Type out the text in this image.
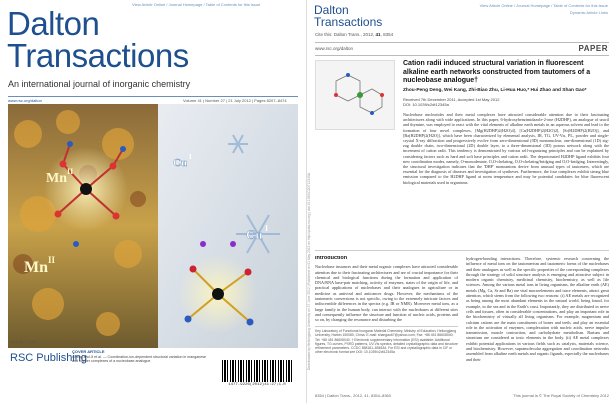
View Article Online / Journal Homepage / Table of Contents for this issue
Dalton
Transactions
An international journal of inorganic chemistry
www.rsc.org/dalton	Volume 41 | Number 27 | 21 July 2012 | Pages 8207–8474
Mn II
Mn II
Cu I
Cu I
ISSN 1477-9226
RSC Publishing
COVER ARTICLE
Cheng and Ji et al. — Coordination-ion-dependent structural variation in manganese and copper complexes of a nucleobase analogue
1477-9226(2012)41:27;1-R
Downloaded by Heilongjiang University on 27 June 2012 | Published on 01 May 2012 on http://pubs.rsc.org | doi:10.1039/C2DT12345A
Dalton
Transactions
View Article Online / Journal Homepage / Table of Contents for this issue
Dynamic Article Links
Cite this: Dalton Trans., 2012, 41, 8354
www.rsc.org/dalton	PAPER
Cation radii induced structural variation in fluorescent alkaline earth networks constructed from tautomers of a nucleobase analogue†
Zhou-Peng Deng, Wei Kang, Zhi-Biao Zhu, Li-Hua Huo,* Hui Zhao and Shan Gao*
Received 7th December 2011, Accepted 1st May 2012
DOI: 10.1039/c2dt12345a
Nucleobase nucleotides and their metal complexes have attracted considerable attention due to their fascinating architectures along with wide applications. In this paper, 6-hydroxybenzimidazole-2-one (H2DHP), an analogue of uracil and thymine, was employed to react with the vital elements of alkaline earth metals in an aqueous solvent and lead to the formation of four novel complexes, [Mg(H2DHP)2(H2O)4], [Ca(H2DHP)2(H2O)2], [Sr(H2DHP)2(H2O)], and [Ba(H2DHP)2(H2O)], which have been characterized by elemental analysis, IR, TG, UV-Vis, PL, powder and single-crystal X-ray diffraction and progressively evolve from zero-dimensional (0D) mononuclear, one-dimensional (1D) zig-zag double chain, two-dimensional (2D) double layer, to a three-dimensional (3D) porous network along with the increment of cation radii. This tendency is demonstrated by various self-organizing principles and can be explained by considering factors such as hard and soft base principles and cation radii. The deprotonated H2DHP ligand exhibits four new coordination modes, namely, O-monodentate, O,O-chelating, O,O-chelating/bridging and O,O-bridging. Interestingly, the structural investigation indicates that the 'DHP' monoanions derive from unusual types of tautomers, which are essential for the diagnosis of diseases and investigation of syntheses. Furthermore, the four complexes exhibit strong blue emission compared to the H2DHP ligand at room temperature and may be potential candidates for blue fluorescent biological materials used in organisms.
Introduction
Nucleobase instances and their metal organic complexes have attracted considerable attention due to their fascinating architectures and are of crucial importance for their chemical and biological functions during the formation and application of DNA/RNA base-pair matching, activity of enzymes, states of the origin of life, and practical applications of nucleobases and their analogues in agriculture or in medicine as antiviral and anticancer drugs. However, the mechanisms of the tautomeric conversions is not specific, owing to the extremely intricate factors and indiscernible differences in the spectra (e.g. IR or NMR). Moreover metal ions, as a large family in the human body, can interact with the nucleobases at different sites and consequently influence the structure and function of nucleic acids, proteins and so on, by changing the resonance and disturbing the
Key Laboratory of Functional Inorganic Material Chemistry, Ministry of Education, Heilongjiang University, Harbin 150080, China. E-mail: shangao67@yahoo.com; Fax: +86 451 86608040; Tel: +86 451 86608040. † Electronic supplementary information (ESI) available: Additional figures, TG curves, PXRD patterns, UV-Vis spectra, detailed crystallographic data and structure refinement parameters. CCDC 858181–858184. For ESI and crystallographic data in CIF or other electronic format see DOI: 10.1039/c2dt12345a
hydrogen-bonding interactions. Therefore, systemic research concerning the influence of metal ions on the tautomerism and tautomeric forms of the nucleobases and their analogues as well as the specific properties of the corresponding complexes through the strategy of solid structure analysis is emerging and attractive subject in modern organic chemistry, medicinal chemistry, biochemistry, as well as life sciences. Among the various metal ions in living organisms, the alkaline earth (AE) metals (Mg, Ca, Sr and Ba) are vital macroelements and trace elements, attract great attention, which stems from the following two reasons: (i) AE metals are recognized as being among the most abundant elements in the natural world, being found, for example, in the sea and in the Earth's crust. Importantly, they are distributed in nerve cells and tissues, often in considerable concentrations, and play an important role in the biochemistry of virtually all living organisms. For example, magnesium and calcium cations are the main constituents of bones and teeth, and play an essential role in the activation of enzymes, complexation with nucleic acids, nerve impulse transmission, muscle contraction, and carbohydrate metabolism. Barium and strontium are considered as toxic elements in the body. (ii) AE metal complexes exhibit potential applications in various fields such as catalysts, materials science, and biochemistry. However, supramolecular aggregation and coordination networks assembled from alkaline earth metals and organic ligands, especially the nucleobases and their
8354 | Dalton Trans., 2012, 41, 8354–8360	This journal is © The Royal Society of Chemistry 2012
